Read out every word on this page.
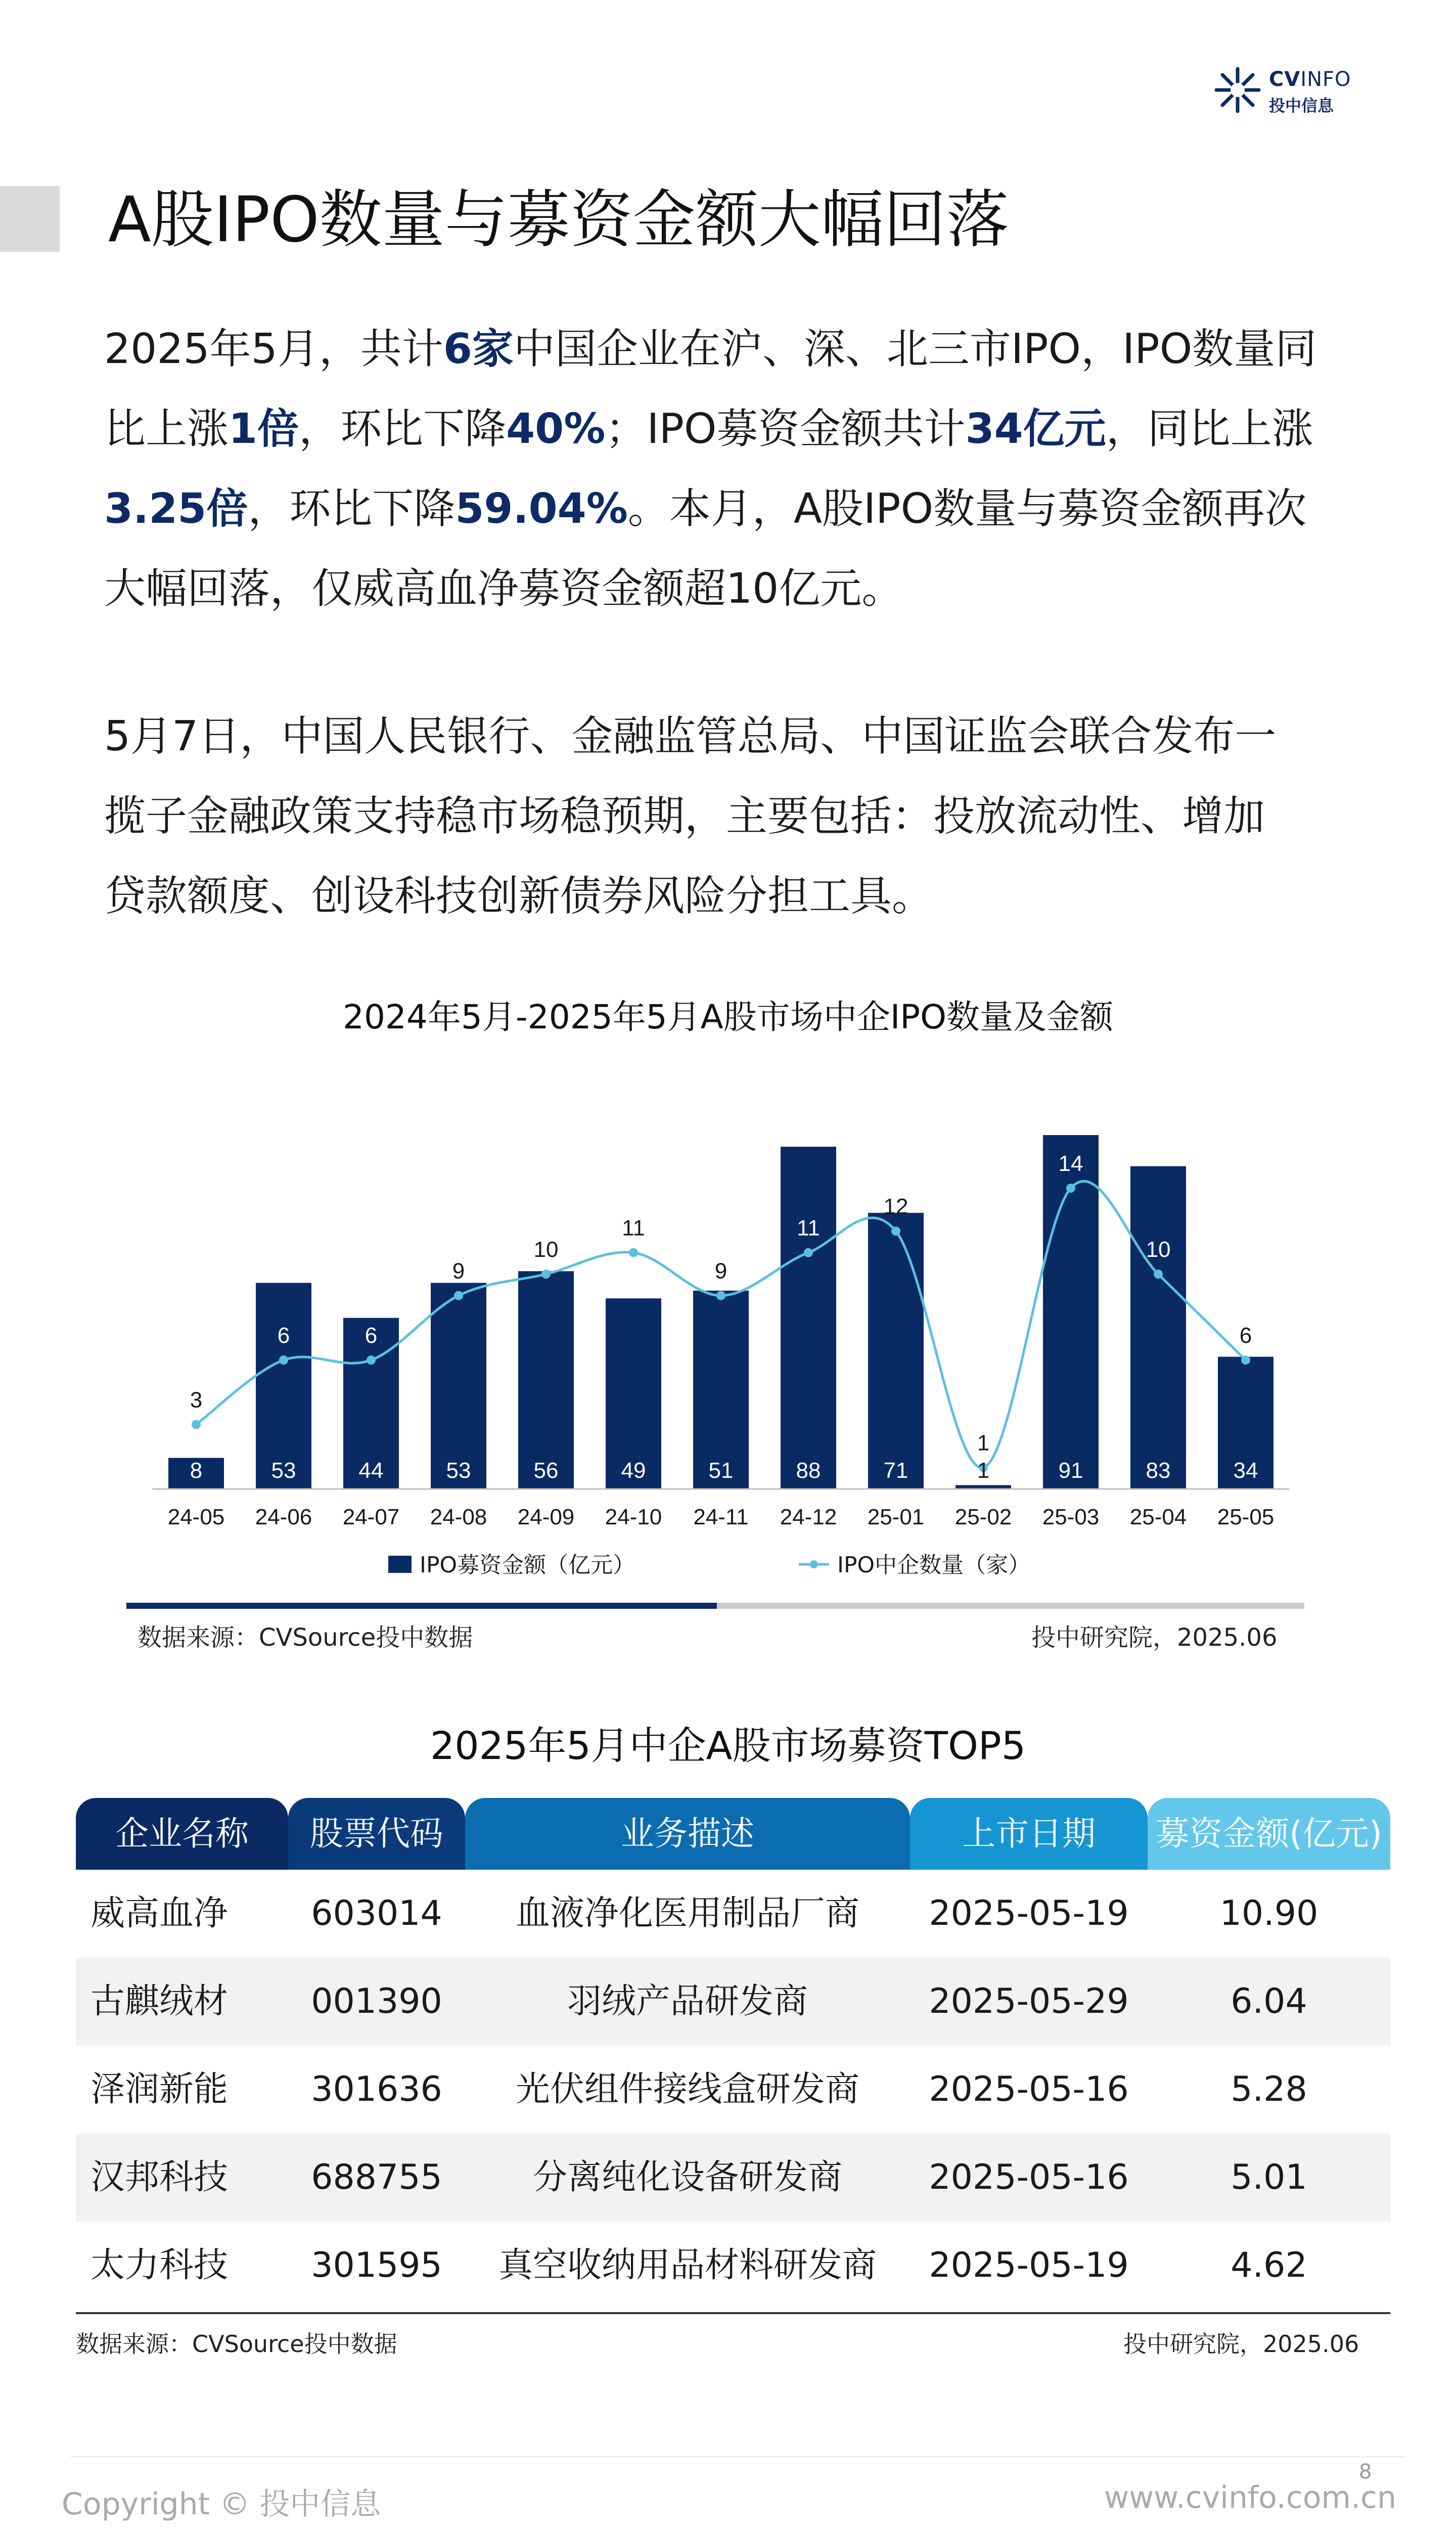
CVINFO
投中信息
A股IPO数量与募资金额大幅回落
2025年5月，共计6家中国企业在沪、深、北三市IPO，IPO数量同
比上涨1倍，环比下降40%；IPO募资金额共计34亿元，同比上涨
3.25倍，环比下降59.04%。本月，A股IPO数量与募资金额再次
大幅回落，仅威高血净募资金额超10亿元。
5月7日，中国人民银行、金融监管总局、中国证监会联合发布一
揽子金融政策支持稳市场稳预期，主要包括：投放流动性、增加
贷款额度、创设科技创新债券风险分担工具。
2024年5月-2025年5月A股市场中企IPO数量及金额
8	53	44	53	56	49	51	88	71	1	91	83	34
3
6	6
9
10
11
9
11
12
1
14
10
6
24-05 24-06 24-07 24-08 24-09 24-10 24-11 24-12 25-01 25-02 25-03 25-04 25-05
IPO募资金额（亿元）	IPO中企数量（家）
数据来源：CVSource投中数据	投中研究院，2025.06
2025年5月中企A股市场募资TOP5
企业名称	股票代码	业务描述	上市日期	募资金额(亿元)
威高血净	603014	血液净化医用制品厂商	2025-05-19	10.90
古麒绒材	001390	羽绒产品研发商	2025-05-29	6.04
泽润新能	301636	光伏组件接线盒研发商	2025-05-16	5.28
汉邦科技	688755	分离纯化设备研发商	2025-05-16	5.01
太力科技	301595	真空收纳用品材料研发商	2025-05-19	4.62
数据来源：CVSource投中数据	投中研究院，2025.06
8
Copyright © 投中信息	www.cvinfo.com.cn
